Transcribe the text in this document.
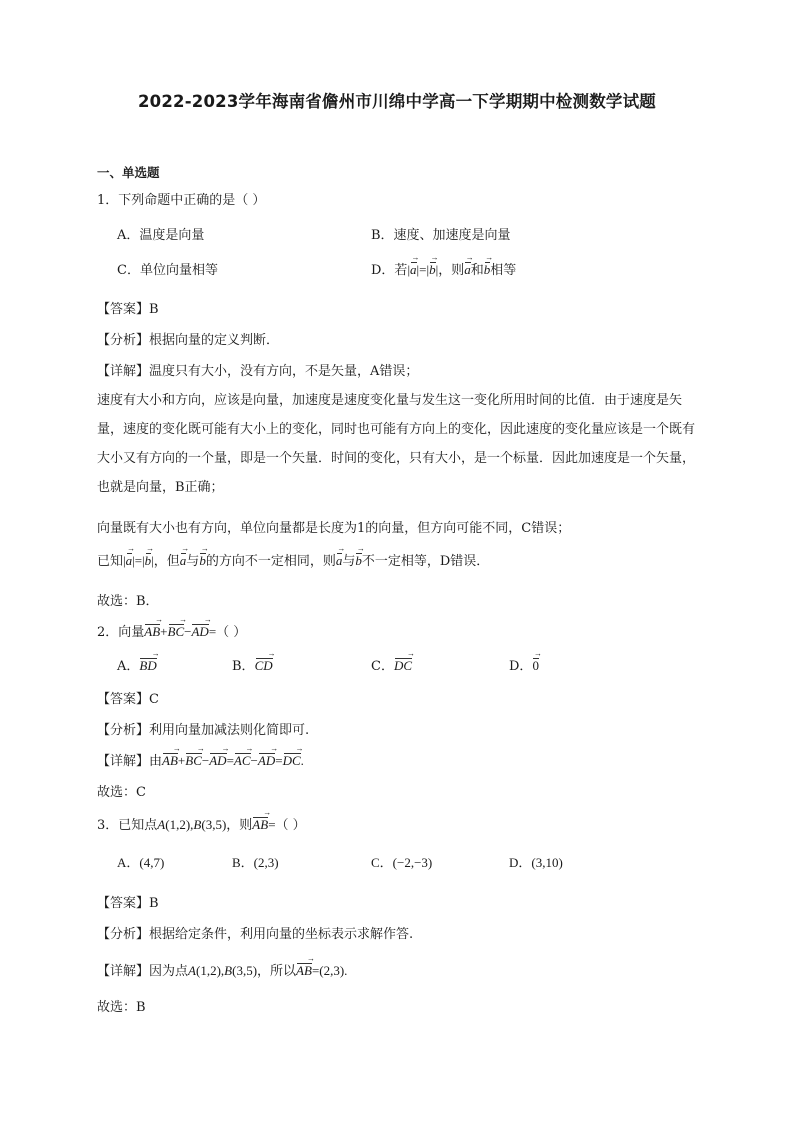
2022-2023学年海南省儋州市川绵中学高一下学期期中检测数学试题
一、单选题
1．下列命题中正确的是（ ）
A．温度是向量	B．速度、加速度是向量
C．单位向量相等	D．若|a →|=|b →|，则a →和b →相等
【答案】B
【分析】根据向量的定义判断．
【详解】温度只有大小，没有方向，不是矢量，A错误；
速度有大小和方向，应该是向量，加速度是速度变化量与发生这一变化所用时间的比值．由于速度是矢量，速度的变化既可能有大小上的变化，同时也可能有方向上的变化，因此速度的变化量应该是一个既有大小又有方向的一个量，即是一个矢量．时间的变化，只有大小，是一个标量．因此加速度是一个矢量，也就是向量，B正确；
向量既有大小也有方向，单位向量都是长度为1的向量，但方向可能不同，C错误；
已知|a →|=|b →|，但a →与b →的方向不一定相同，则a →与b →不一定相等，D错误．
故选：B．
2．向量AB →+BC →−AD →=（ ）
A．BD →	B．CD →	C．DC →	D．0 →
【答案】C
【分析】利用向量加减法则化简即可.
【详解】由AB →+BC →−AD →=AC →−AD →=DC →.
故选：C
3．已知点A(1,2),B(3,5)，则AB →=（ ）
A．(4,7)	B．(2,3)	C．(−2,−3)	D．(3,10)
【答案】B
【分析】根据给定条件，利用向量的坐标表示求解作答.
【详解】因为点A(1,2),B(3,5)，所以AB →=(2,3).
故选：B
